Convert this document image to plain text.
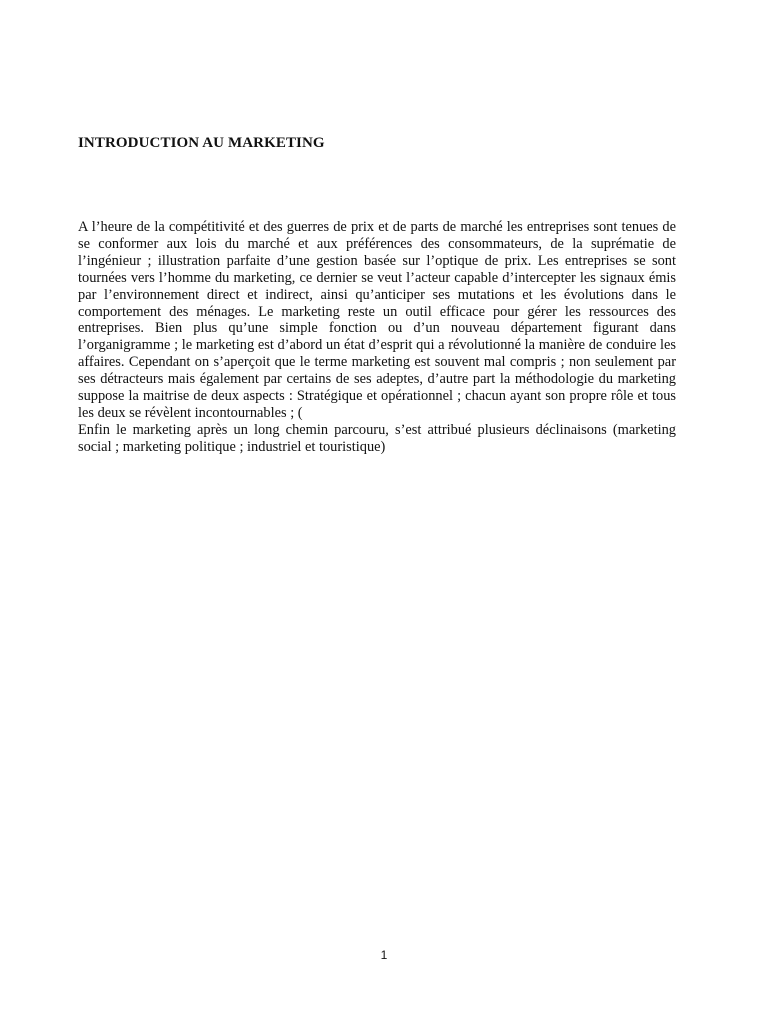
INTRODUCTION AU MARKETING

A l’heure de la compétitivité et des guerres de prix et de parts de marché les entreprises sont tenues de se conformer aux lois du marché et aux préférences des consommateurs, de la suprématie de l’ingénieur ; illustration parfaite d’une gestion basée sur l’optique de prix. Les entreprises se sont tournées vers l’homme du marketing, ce dernier se veut l’acteur capable d’intercepter les signaux émis par l’environnement direct et indirect, ainsi qu’anticiper ses mutations et les évolutions dans le comportement des ménages. Le marketing reste un outil efficace pour gérer les ressources des entreprises. Bien plus qu’une simple fonction ou d’un nouveau département figurant dans l’organigramme ; le marketing est d’abord un état d’esprit qui a révolutionné la manière de conduire les affaires. Cependant on s’aperçoit que le terme marketing est souvent mal compris ; non seulement par ses détracteurs mais également par certains de ses adeptes, d’autre part la méthodologie du marketing suppose la maitrise de deux aspects : Stratégique et opérationnel ; chacun ayant son propre rôle et tous les deux se révèlent incontournables ; (

Enfin le marketing après un long chemin parcouru, s’est attribué plusieurs déclinaisons (marketing social ; marketing politique ; industriel et touristique)

1
